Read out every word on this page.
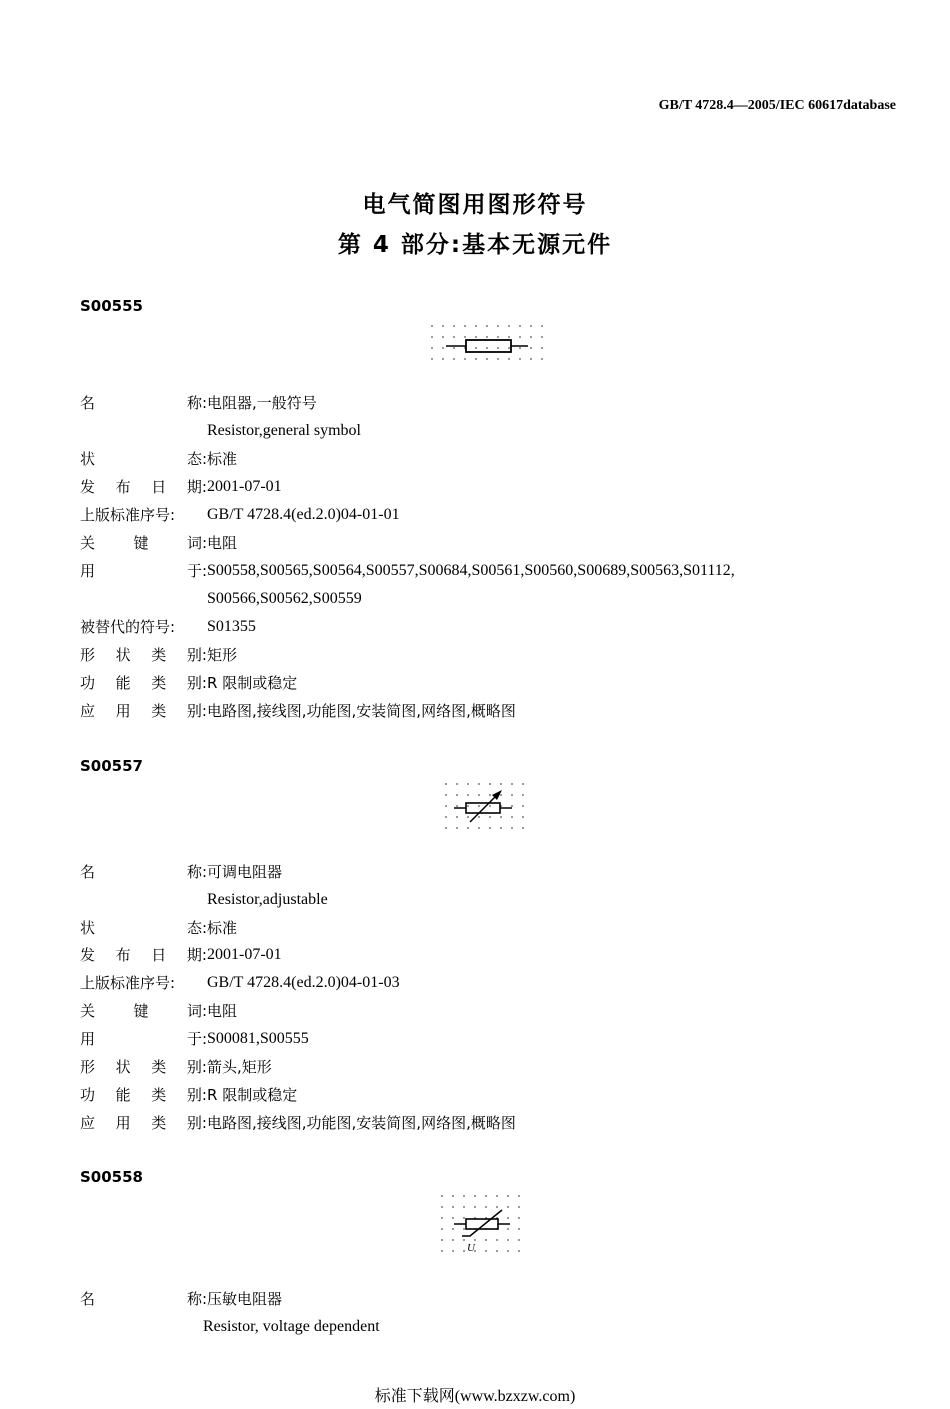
GB/T 4728.4—2005/IEC 60617database
电气简图用图形符号
第 4 部分:基本无源元件
S00555
名	称: 电阻器,一般符号
Resistor,general symbol
状	态: 标准
发 布 日 期: 2001-07-01
上版标准序号:	GB/T 4728.4(ed.2.0)04-01-01
关	键	词: 电阻
用	于: S00558,S00565,S00564,S00557,S00684,S00561,S00560,S00689,S00563,S01112,
S00566,S00562,S00559
被替代的符号:	S01355
形 状 类 别: 矩形
功 能 类 别: R 限制或稳定
应 用 类 别: 电路图,接线图,功能图,安装简图,网络图,概略图
S00557
名	称: 可调电阻器
Resistor,adjustable
状	态: 标准
发 布 日 期: 2001-07-01
上版标准序号:	GB/T 4728.4(ed.2.0)04-01-03
关	键	词: 电阻
用	于: S00081,S00555
形 状 类 别: 箭头,矩形
功 能 类 别: R 限制或稳定
应 用 类 别: 电路图,接线图,功能图,安装简图,网络图,概略图
S00558
U
名	称: 压敏电阻器
Resistor, voltage dependent
标准下载网(www.bzxzw.com)
